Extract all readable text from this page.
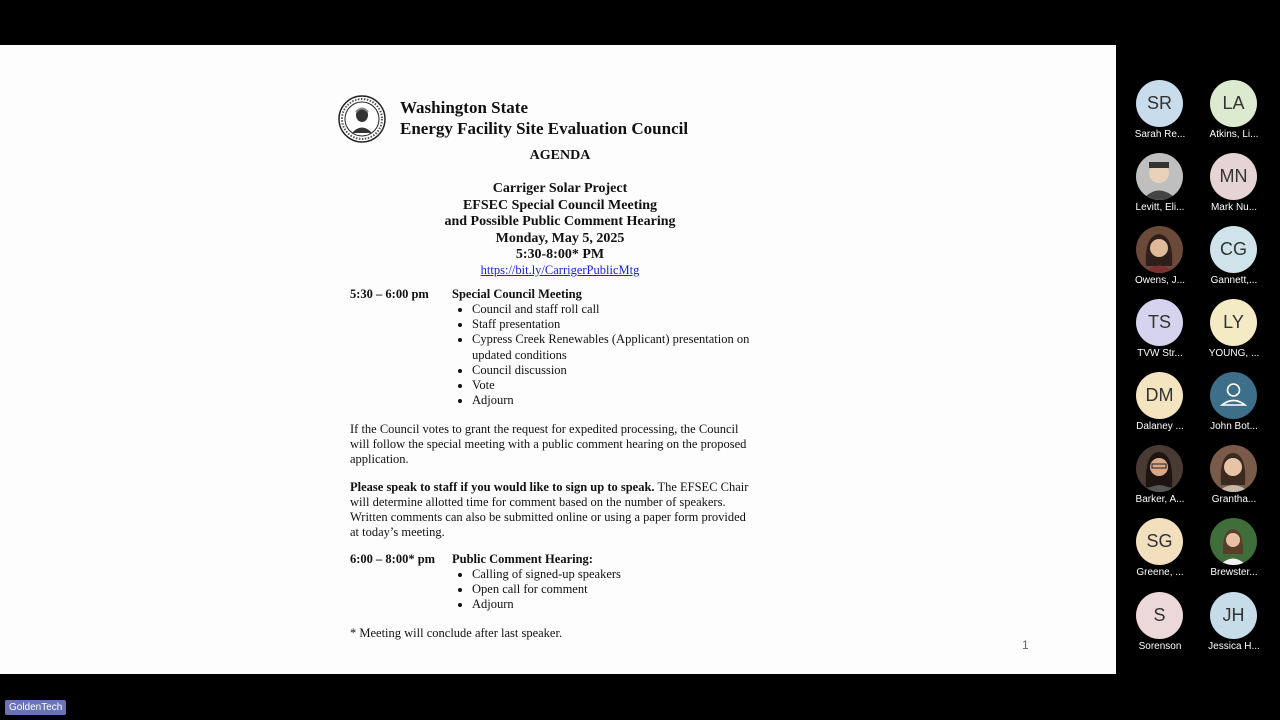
Washington State
Energy Facility Site Evaluation Council
AGENDA
Carriger Solar Project
EFSEC Special Council Meeting
and Possible Public Comment Hearing
Monday, May 5, 2025
5:30-8:00* PM
https://bit.ly/CarrigerPublicMtg
5:30 – 6:00 pm Special Council Meeting
• Council and staff roll call
• Staff presentation
• Cypress Creek Renewables (Applicant) presentation on updated conditions
• Council discussion
• Vote
• Adjourn
If the Council votes to grant the request for expedited processing, the Council will follow the special meeting with a public comment hearing on the proposed application.
Please speak to staff if you would like to sign up to speak. The EFSEC Chair will determine allotted time for comment based on the number of speakers. Written comments can also be submitted online or using a paper form provided at today’s meeting.
6:00 – 8:00* pm Public Comment Hearing:
• Calling of signed-up speakers
• Open call for comment
• Adjourn
* Meeting will conclude after last speaker.
1
SR
Sarah Re...
LA
Atkins, Li...
Levitt, Eli...
MN
Mark Nu...
Owens, J...
CG
Gannett,...
TS
TVW Str...
LY
YOUNG, ...
DM
Dalaney ...	John Bot...
Barker, A...	Grantha...
SG
Greene, ...	Brewster...
S
Sorenson
JH
Jessica H...
GoldenTech
